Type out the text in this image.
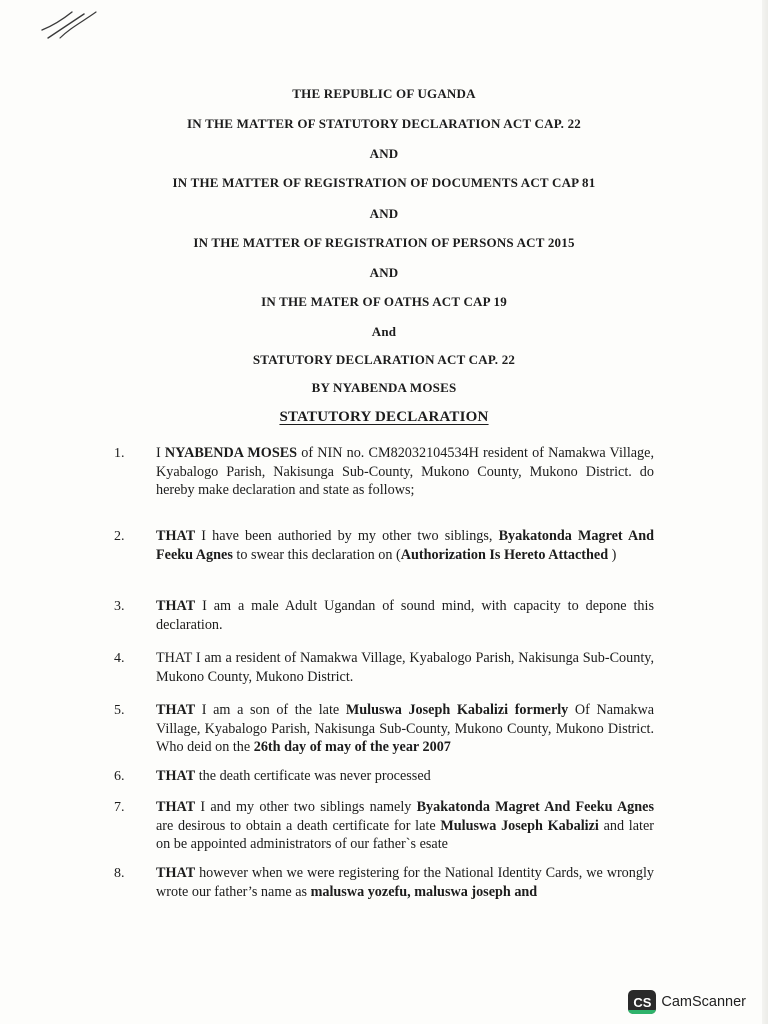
THE REPUBLIC OF UGANDA
IN THE MATTER OF STATUTORY DECLARATION ACT CAP. 22
AND
IN THE MATTER OF REGISTRATION OF DOCUMENTS ACT CAP 81
AND
IN THE MATTER OF REGISTRATION OF PERSONS ACT 2015
AND
IN THE MATER OF OATHS ACT CAP 19
And
STATUTORY DECLARATION ACT CAP. 22
BY NYABENDA MOSES
STATUTORY DECLARATION
1. I NYABENDA MOSES of NIN no. CM82032104534H resident of Namakwa Village, Kyabalogo Parish, Nakisunga Sub-County, Mukono County, Mukono District. do hereby make declaration and state as follows;
2. THAT I have been authoried by my other two siblings, Byakatonda Magret And Feeku Agnes to swear this declaration on (Authorization Is Hereto Attacthed )
3. THAT I am a male Adult Ugandan of sound mind, with capacity to depone this declaration.
4. THAT I am a resident of Namakwa Village, Kyabalogo Parish, Nakisunga Sub-County, Mukono County, Mukono District.
5. THAT I am a son of the late Muluswa Joseph Kabalizi formerly Of Namakwa Village, Kyabalogo Parish, Nakisunga Sub-County, Mukono County, Mukono District. Who deid on the 26th day of may of the year 2007
6. THAT the death certificate was never processed
7. THAT I and my other two siblings namely Byakatonda Magret And Feeku Agnes are desirous to obtain a death certificate for late Muluswa Joseph Kabalizi and later on be appointed administrators of our father`s esate
8. THAT however when we were registering for the National Identity Cards, we wrongly wrote our father’s name as maluswa yozefu, maluswa joseph and
CS CamScanner
